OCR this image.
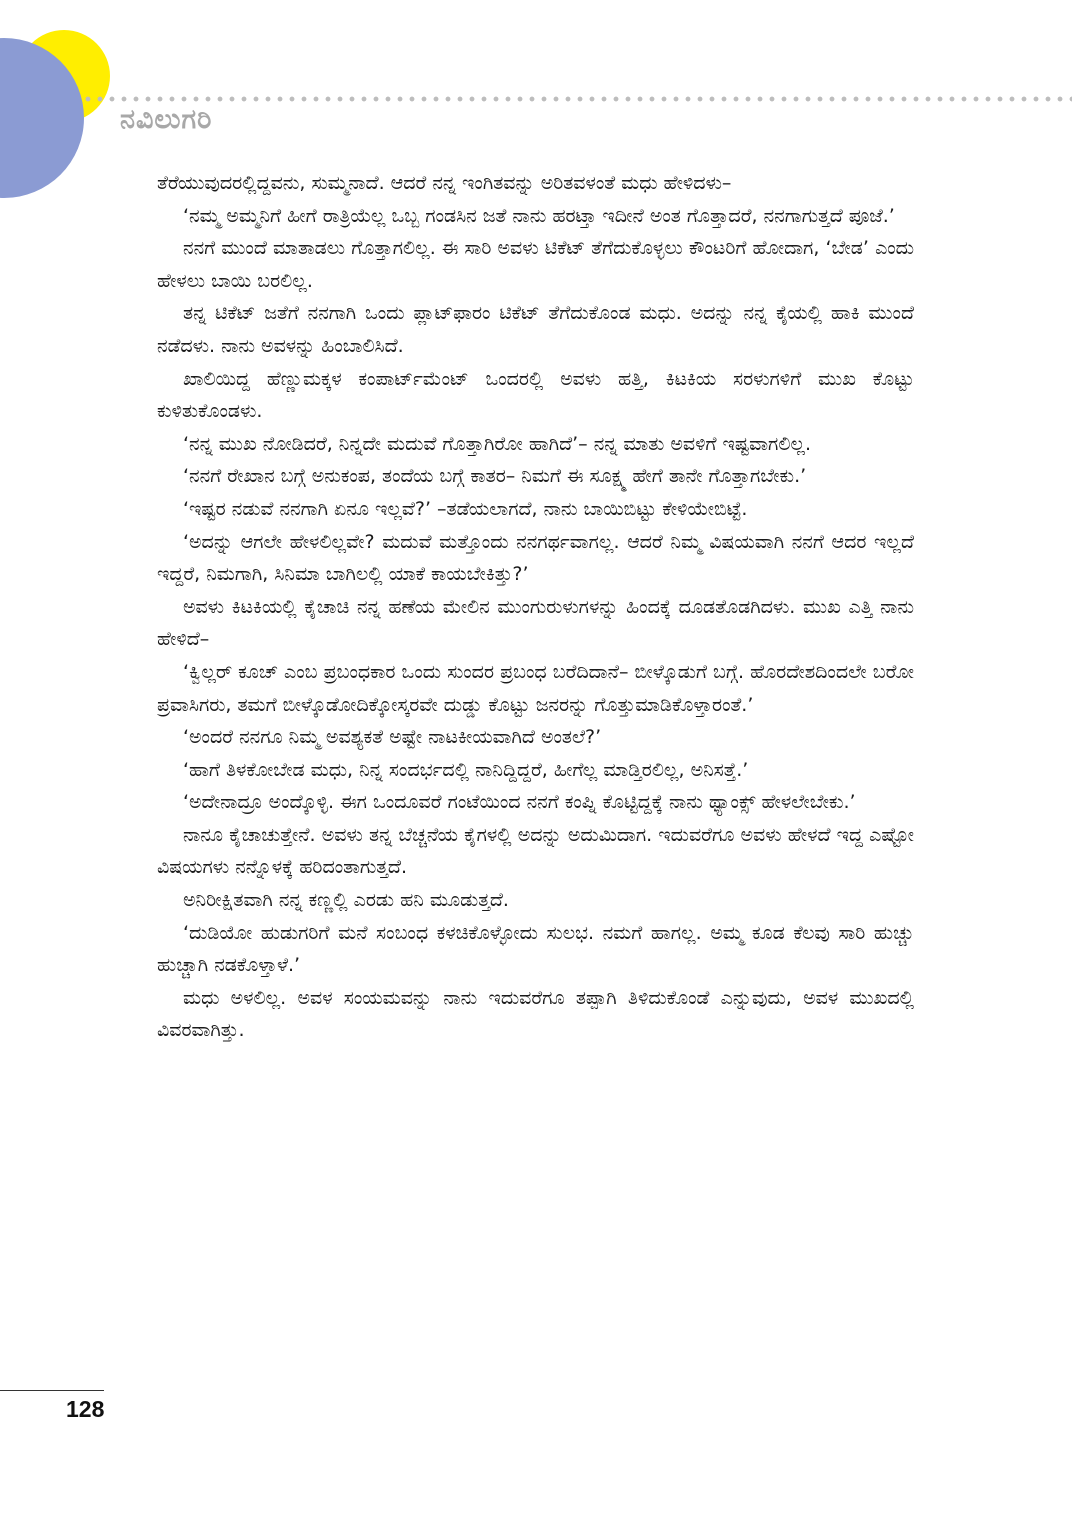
ನವಿಲುಗರಿ

ತೆರೆಯುವುದರಲ್ಲಿದ್ದವನು, ಸುಮ್ಮನಾದೆ. ಆದರೆ ನನ್ನ ಇಂಗಿತವನ್ನು ಅರಿತವಳಂತೆ ಮಧು ಹೇಳಿದಳು–

‘ನಮ್ಮ ಅಮ್ಮನಿಗೆ ಹೀಗೆ ರಾತ್ರಿಯೆಲ್ಲ ಒಬ್ಬ ಗಂಡಸಿನ ಜತೆ ನಾನು ಹರಟ್ತಾ ಇದೀನೆ ಅಂತ ಗೊತ್ತಾದರೆ, ನನಗಾಗುತ್ತದೆ ಪೂಜೆ.’

ನನಗೆ ಮುಂದೆ ಮಾತಾಡಲು ಗೊತ್ತಾಗಲಿಲ್ಲ. ಈ ಸಾರಿ ಅವಳು ಟಿಕೆಟ್ ತೆಗೆದುಕೊಳ್ಳಲು ಕೌಂಟರಿಗೆ ಹೋದಾಗ, ‘ಬೇಡ’ ಎಂದು ಹೇಳಲು ಬಾಯಿ ಬರಲಿಲ್ಲ.

ತನ್ನ ಟಿಕೆಟ್ ಜತೆಗೆ ನನಗಾಗಿ ಒಂದು ಪ್ಲಾಟ್‌ಫಾರಂ ಟಿಕೆಟ್ ತೆಗೆದುಕೊಂಡ ಮಧು. ಅದನ್ನು ನನ್ನ ಕೈಯಲ್ಲಿ ಹಾಕಿ ಮುಂದೆ ನಡೆದಳು. ನಾನು ಅವಳನ್ನು ಹಿಂಬಾಲಿಸಿದೆ.

ಖಾಲಿಯಿದ್ದ ಹೆಣ್ಣುಮಕ್ಕಳ ಕಂಪಾರ್ಟ್‌ಮೆಂಟ್ ಒಂದರಲ್ಲಿ ಅವಳು ಹತ್ತಿ, ಕಿಟಕಿಯ ಸರಳುಗಳಿಗೆ ಮುಖ ಕೊಟ್ಟು ಕುಳಿತುಕೊಂಡಳು.

‘ನನ್ನ ಮುಖ ನೋಡಿದರೆ, ನಿನ್ನದೇ ಮದುವೆ ಗೊತ್ತಾಗಿರೋ ಹಾಗಿದೆ’– ನನ್ನ ಮಾತು ಅವಳಿಗೆ ಇಷ್ಟವಾಗಲಿಲ್ಲ.

‘ನನಗೆ ರೇಖಾನ ಬಗ್ಗೆ ಅನುಕಂಪ, ತಂದೆಯ ಬಗ್ಗೆ ಕಾತರ– ನಿಮಗೆ ಈ ಸೂಕ್ಷ್ಮ ಹೇಗೆ ತಾನೇ ಗೊತ್ತಾಗಬೇಕು.’

‘ಇಷ್ಟರ ನಡುವೆ ನನಗಾಗಿ ಏನೂ ಇಲ್ಲವೆ?’ –ತಡೆಯಲಾಗದೆ, ನಾನು ಬಾಯಿಬಿಟ್ಟು ಕೇಳಿಯೇಬಿಟ್ಟೆ.

‘ಅದನ್ನು ಆಗಲೇ ಹೇಳಲಿಲ್ಲವೇ? ಮದುವೆ ಮತ್ತೊಂದು ನನಗರ್ಥವಾಗಲ್ಲ. ಆದರೆ ನಿಮ್ಮ ವಿಷಯವಾಗಿ ನನಗೆ ಆದರ ಇಲ್ಲದೆ ಇದ್ದರೆ, ನಿಮಗಾಗಿ, ಸಿನಿಮಾ ಬಾಗಿಲಲ್ಲಿ ಯಾಕೆ ಕಾಯಬೇಕಿತ್ತು?’

ಅವಳು ಕಿಟಕಿಯಲ್ಲಿ ಕೈಚಾಚಿ ನನ್ನ ಹಣೆಯ ಮೇಲಿನ ಮುಂಗುರುಳುಗಳನ್ನು ಹಿಂದಕ್ಕೆ ದೂಡತೊಡಗಿದಳು. ಮುಖ ಎತ್ತಿ ನಾನು ಹೇಳಿದೆ–

‘ಕ್ವಿಲ್ಲರ್ ಕೂಚ್ ಎಂಬ ಪ್ರಬಂಧಕಾರ ಒಂದು ಸುಂದರ ಪ್ರಬಂಧ ಬರೆದಿದಾನೆ– ಬೀಳ್ಕೊಡುಗೆ ಬಗ್ಗೆ. ಹೊರದೇಶದಿಂದಲೇ ಬರೋ ಪ್ರವಾಸಿಗರು, ತಮಗೆ ಬೀಳ್ಕೊಡೋದಿಕ್ಕೋಸ್ಕರವೇ ದುಡ್ಡು ಕೊಟ್ಟು ಜನರನ್ನು ಗೊತ್ತುಮಾಡಿಕೊಳ್ತಾರಂತೆ.’

‘ಅಂದರೆ ನನಗೂ ನಿಮ್ಮ ಅವಶ್ಯಕತೆ ಅಷ್ಟೇ ನಾಟಕೀಯವಾಗಿದೆ ಅಂತಲೆ?’

‘ಹಾಗೆ ತಿಳಕೋಬೇಡ ಮಧು, ನಿನ್ನ ಸಂದರ್ಭದಲ್ಲಿ ನಾನಿದ್ದಿದ್ದರೆ, ಹೀಗೆಲ್ಲ ಮಾಡ್ತಿರಲಿಲ್ಲ, ಅನಿಸತ್ತೆ.’

‘ಅದೇನಾದ್ರೂ ಅಂದ್ಕೊಳ್ಳಿ. ಈಗ ಒಂದೂವರೆ ಗಂಟೆಯಿಂದ ನನಗೆ ಕಂಪ್ನಿ ಕೊಟ್ಟಿದ್ದಕ್ಕೆ ನಾನು ಥ್ಯಾಂಕ್ಸ್ ಹೇಳಲೇಬೇಕು.’

ನಾನೂ ಕೈಚಾಚುತ್ತೇನೆ. ಅವಳು ತನ್ನ ಬೆಚ್ಚನೆಯ ಕೈಗಳಲ್ಲಿ ಅದನ್ನು ಅದುಮಿದಾಗ. ಇದುವರೆಗೂ ಅವಳು ಹೇಳದೆ ಇದ್ದ ಎಷ್ಟೋ ವಿಷಯಗಳು ನನ್ನೊಳಕ್ಕೆ ಹರಿದಂತಾಗುತ್ತದೆ.

ಅನಿರೀಕ್ಷಿತವಾಗಿ ನನ್ನ ಕಣ್ಣಲ್ಲಿ ಎರಡು ಹನಿ ಮೂಡುತ್ತದೆ.

‘ದುಡಿಯೋ ಹುಡುಗರಿಗೆ ಮನೆ ಸಂಬಂಧ ಕಳಚಿಕೊಳ್ಳೋದು ಸುಲಭ. ನಮಗೆ ಹಾಗಲ್ಲ. ಅಮ್ಮ ಕೂಡ ಕೆಲವು ಸಾರಿ ಹುಚ್ಚು ಹುಚ್ಚಾಗಿ ನಡಕೊಳ್ತಾಳೆ.’

ಮಧು ಅಳಲಿಲ್ಲ. ಅವಳ ಸಂಯಮವನ್ನು ನಾನು ಇದುವರೆಗೂ ತಪ್ಪಾಗಿ ತಿಳಿದುಕೊಂಡೆ ಎನ್ನುವುದು, ಅವಳ ಮುಖದಲ್ಲಿ ವಿವರವಾಗಿತ್ತು.

128
